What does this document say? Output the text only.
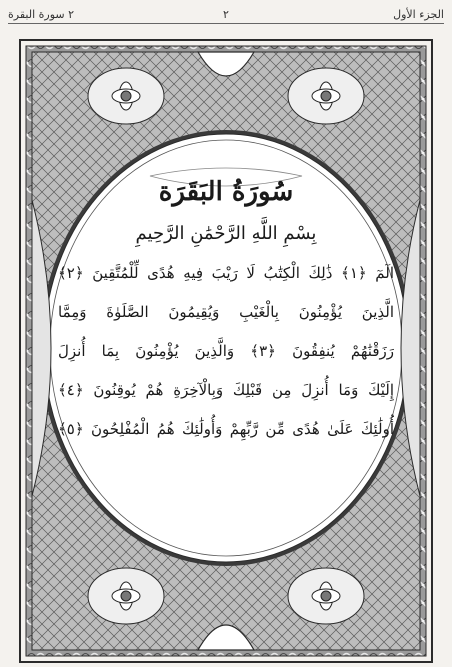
الجزء الأول
٢
٢ سورة البقرة
سُورَةُ البَقَرَة
بِسْمِ اللَّهِ الرَّحْمَٰنِ الرَّحِيمِ
الٓمٓ ﴿١﴾ ذَٰلِكَ الْكِتَٰبُ لَا رَيْبَ فِيهِ هُدًى لِّلْمُتَّقِينَ ﴿٢﴾
الَّذِينَ يُؤْمِنُونَ بِالْغَيْبِ وَيُقِيمُونَ الصَّلَوٰةَ وَمِمَّا
رَزَقْنَٰهُمْ يُنفِقُونَ ﴿٣﴾ وَالَّذِينَ يُؤْمِنُونَ بِمَا أُنزِلَ
إِلَيْكَ وَمَا أُنزِلَ مِن قَبْلِكَ وَبِالْآخِرَةِ هُمْ يُوقِنُونَ ﴿٤﴾
أُولَٰئِكَ عَلَىٰ هُدًى مِّن رَّبِّهِمْ وَأُولَٰئِكَ هُمُ الْمُفْلِحُونَ ﴿٥﴾
